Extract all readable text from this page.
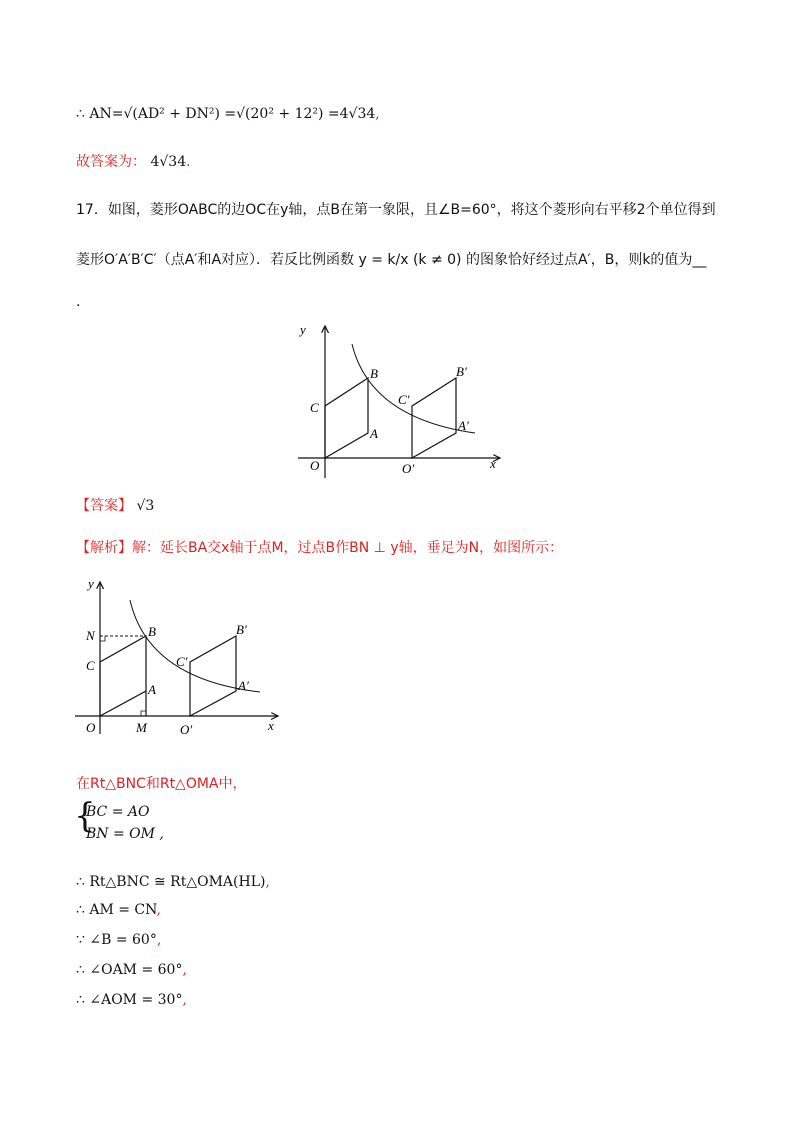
∴ AN=√(AD² + DN²) =√(20² + 12²) =4√34,
故答案为： 4√34.
17．如图，菱形OABC的边OC在y轴，点B在第一象限，且∠B=60°，将这个菱形向右平移2个单位得到
菱形O′A′B′C′（点A′和A对应）．若反比例函数 y = k/x (k ≠ 0) 的图象恰好经过点A′，B，则k的值为__
.
y
x
O
A
B
C
O′
A′
B′
C′
【答案】 √3
【解析】解：延长BA交x轴于点M，过点B作BN ⊥ y轴，垂足为N，如图所示：
y
x
O
A
B
C
N
M	O′
A′
B′
C′
在Rt△BNC和Rt△OMA中，
{
BC = AO
BN = OM ,
∴ Rt△BNC ≅ Rt△OMA(HL),
∴ AM = CN,
∵ ∠B = 60°,
∴ ∠OAM = 60°,
∴ ∠AOM = 30°,
